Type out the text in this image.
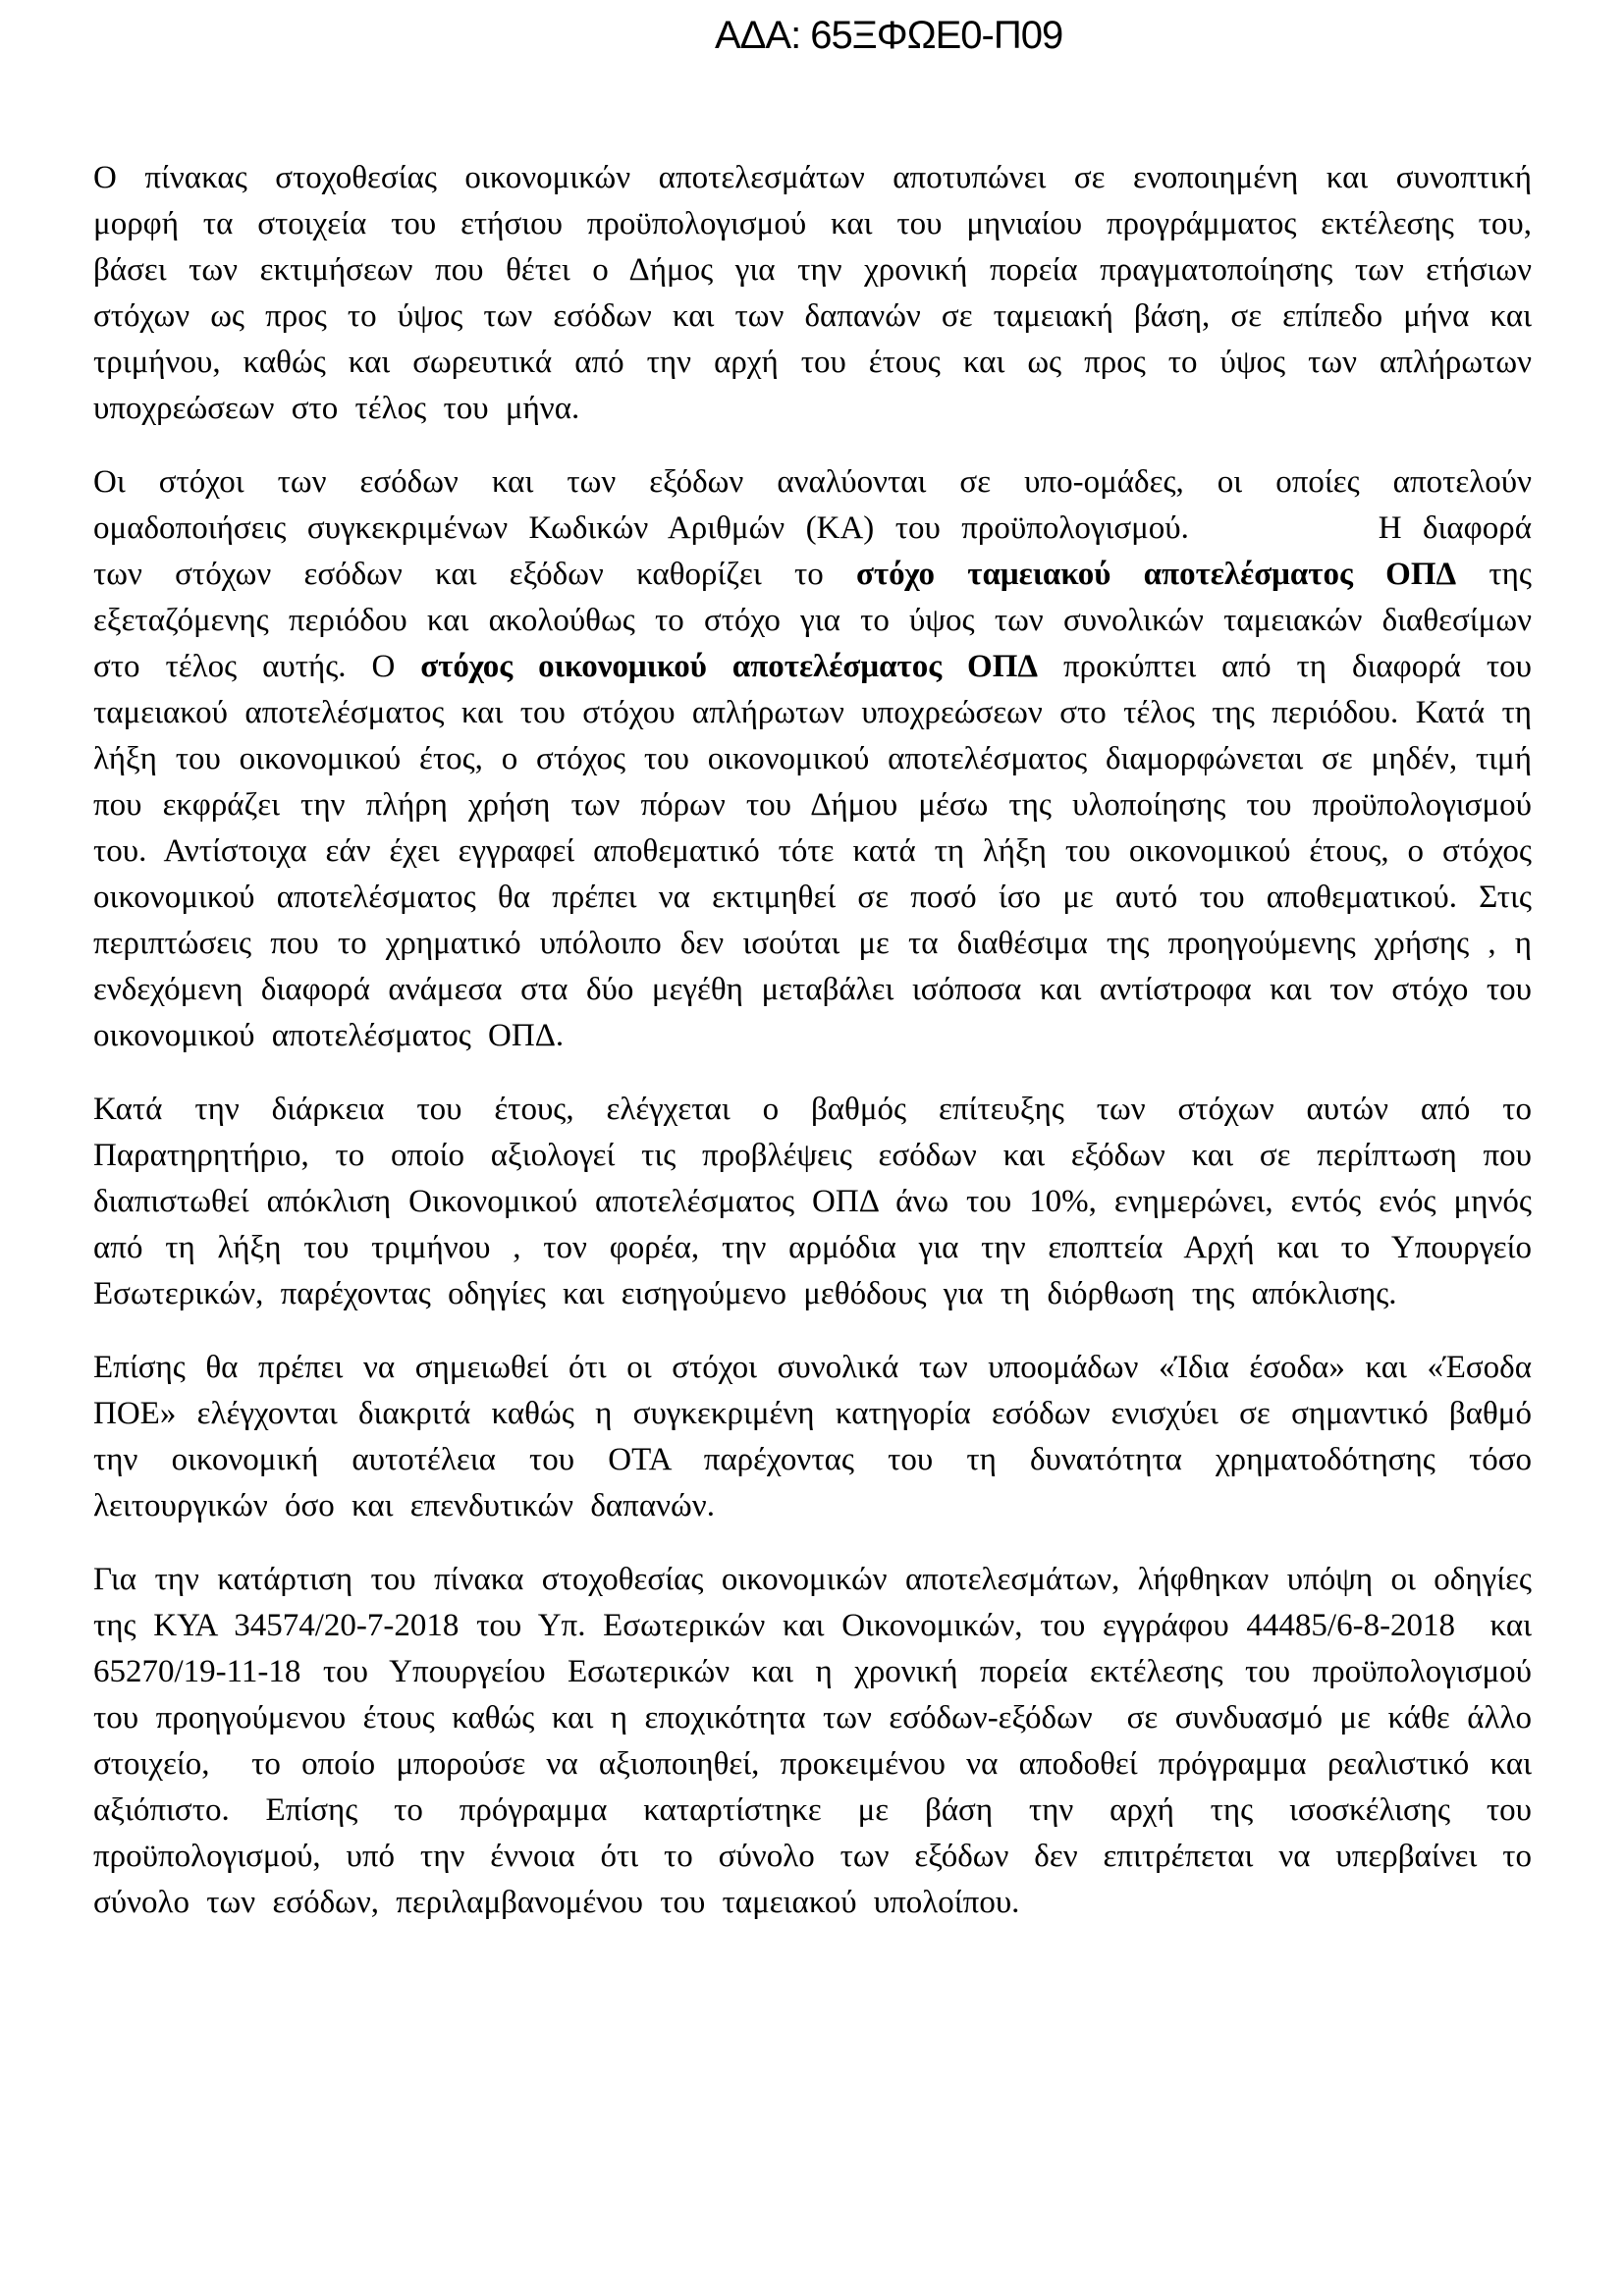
ΑΔΑ: 65ΞΦΩΕ0-Π09

Ο πίνακας στοχοθεσίας οικονομικών αποτελεσμάτων αποτυπώνει σε ενοποιημένη και συνοπτική μορφή τα στοιχεία του ετήσιου προϋπολογισμού και του μηνιαίου προγράμματος εκτέλεσης του, βάσει των εκτιμήσεων που θέτει ο Δήμος για την χρονική πορεία πραγματοποίησης των ετήσιων στόχων ως προς το ύψος των εσόδων και των δαπανών σε ταμειακή βάση, σε επίπεδο μήνα και τριμήνου, καθώς και σωρευτικά από την αρχή του έτους και ως προς το ύψος των απλήρωτων υποχρεώσεων στο τέλος του μήνα.

Οι στόχοι των εσόδων και των εξόδων αναλύονται σε υπο-ομάδες, οι οποίες αποτελούν ομαδοποιήσεις συγκεκριμένων Κωδικών Αριθμών (ΚΑ) του προϋπολογισμού.         Η διαφορά των στόχων εσόδων και εξόδων καθορίζει το στόχο ταμειακού αποτελέσματος ΟΠΔ της εξεταζόμενης περιόδου και ακολούθως το στόχο για το ύψος των συνολικών ταμειακών διαθεσίμων στο τέλος αυτής. Ο στόχος οικονομικού αποτελέσματος ΟΠΔ προκύπτει από τη διαφορά του ταμειακού αποτελέσματος και του στόχου απλήρωτων υποχρεώσεων στο τέλος της περιόδου. Κατά τη λήξη του οικονομικού έτος, ο στόχος του οικονομικού αποτελέσματος διαμορφώνεται σε μηδέν, τιμή που εκφράζει την πλήρη χρήση των πόρων του Δήμου μέσω της υλοποίησης του προϋπολογισμού του. Αντίστοιχα εάν έχει εγγραφεί αποθεματικό τότε κατά τη λήξη του οικονομικού έτους, ο στόχος οικονομικού αποτελέσματος θα πρέπει να εκτιμηθεί σε ποσό ίσο με αυτό του αποθεματικού. Στις περιπτώσεις που το χρηματικό υπόλοιπο δεν ισούται με τα διαθέσιμα της προηγούμενης χρήσης , η ενδεχόμενη διαφορά ανάμεσα στα δύο μεγέθη μεταβάλει ισόποσα και αντίστροφα και τον στόχο του οικονομικού αποτελέσματος ΟΠΔ.

Κατά την διάρκεια του έτους, ελέγχεται ο βαθμός επίτευξης των στόχων αυτών από το Παρατηρητήριο, το οποίο αξιολογεί τις προβλέψεις εσόδων και εξόδων και σε περίπτωση που διαπιστωθεί απόκλιση Οικονομικού αποτελέσματος ΟΠΔ άνω του 10%, ενημερώνει, εντός ενός μηνός από τη λήξη του τριμήνου , τον φορέα, την αρμόδια για την εποπτεία Αρχή και το Υπουργείο Εσωτερικών, παρέχοντας οδηγίες και εισηγούμενο μεθόδους για τη διόρθωση της απόκλισης.

Επίσης θα πρέπει να σημειωθεί ότι οι στόχοι συνολικά των υποομάδων «Ίδια έσοδα» και «Έσοδα ΠΟΕ» ελέγχονται διακριτά καθώς η συγκεκριμένη κατηγορία εσόδων ενισχύει σε σημαντικό βαθμό την οικονομική αυτοτέλεια του ΟΤΑ παρέχοντας του τη δυνατότητα χρηματοδότησης τόσο λειτουργικών όσο και επενδυτικών δαπανών.

Για την κατάρτιση του πίνακα στοχοθεσίας οικονομικών αποτελεσμάτων, λήφθηκαν υπόψη οι οδηγίες της ΚΥΑ 34574/20-7-2018 του Υπ. Εσωτερικών και Οικονομικών, του εγγράφου 44485/6-8-2018  και 65270/19-11-18 του Υπουργείου Εσωτερικών και η χρονική πορεία εκτέλεσης του προϋπολογισμού του προηγούμενου έτους καθώς και η εποχικότητα των εσόδων-εξόδων  σε συνδυασμό με κάθε άλλο στοιχείο,  το οποίο μπορούσε να αξιοποιηθεί, προκειμένου να αποδοθεί πρόγραμμα ρεαλιστικό και αξιόπιστο. Επίσης το πρόγραμμα καταρτίστηκε με βάση την αρχή της ισοσκέλισης του προϋπολογισμού, υπό την έννοια ότι το σύνολο των εξόδων δεν επιτρέπεται να υπερβαίνει το σύνολο των εσόδων, περιλαμβανομένου του ταμειακού υπολοίπου.
